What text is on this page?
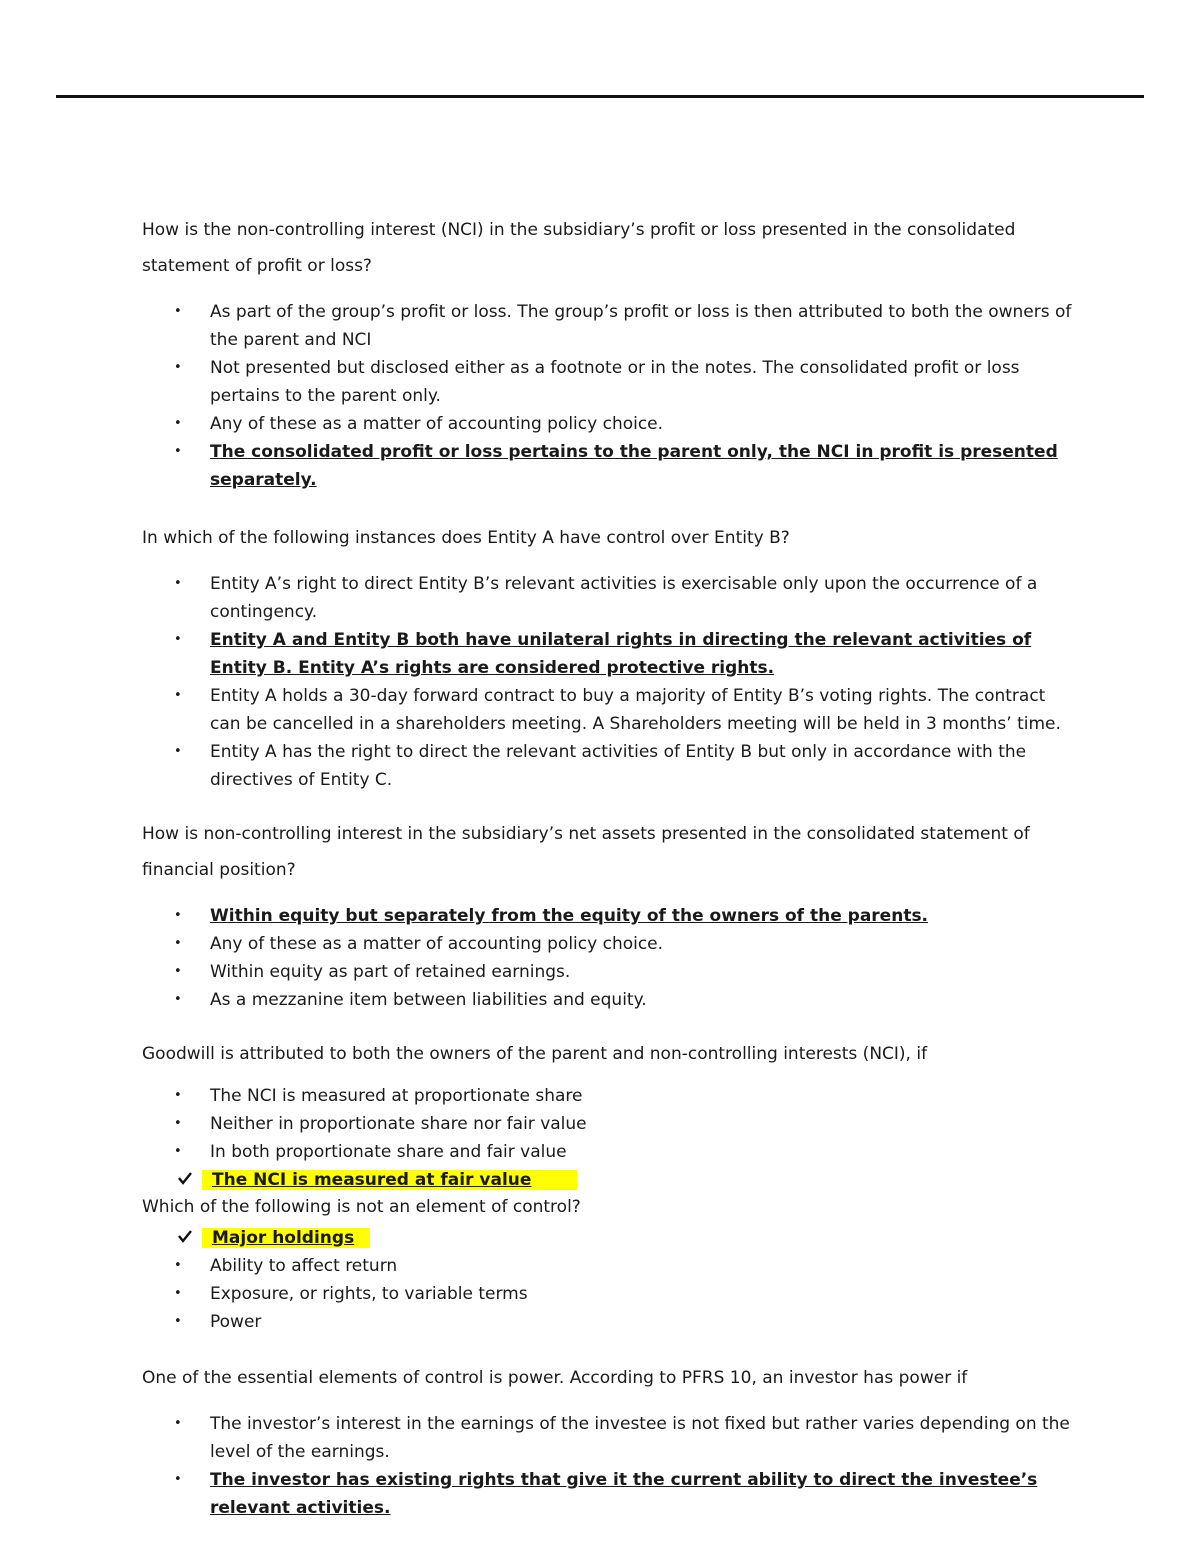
How is the non-controlling interest (NCI) in the subsidiary’s profit or loss presented in the consolidated statement of profit or loss?

• As part of the group’s profit or loss. The group’s profit or loss is then attributed to both the owners of the parent and NCI
• Not presented but disclosed either as a footnote or in the notes. The consolidated profit or loss pertains to the parent only.
• Any of these as a matter of accounting policy choice.
• The consolidated profit or loss pertains to the parent only, the NCI in profit is presented separately.

In which of the following instances does Entity A have control over Entity B?

• Entity A’s right to direct Entity B’s relevant activities is exercisable only upon the occurrence of a contingency.
• Entity A and Entity B both have unilateral rights in directing the relevant activities of Entity B. Entity A’s rights are considered protective rights.
• Entity A holds a 30-day forward contract to buy a majority of Entity B’s voting rights. The contract can be cancelled in a shareholders meeting. A Shareholders meeting will be held in 3 months’ time.
• Entity A has the right to direct the relevant activities of Entity B but only in accordance with the directives of Entity C.

How is non-controlling interest in the subsidiary’s net assets presented in the consolidated statement of financial position?

• Within equity but separately from the equity of the owners of the parents.
• Any of these as a matter of accounting policy choice.
• Within equity as part of retained earnings.
• As a mezzanine item between liabilities and equity.

Goodwill is attributed to both the owners of the parent and non-controlling interests (NCI), if

• The NCI is measured at proportionate share
• Neither in proportionate share nor fair value
• In both proportionate share and fair value
The NCI is measured at fair value

Which of the following is not an element of control?

Major holdings
• Ability to affect return
• Exposure, or rights, to variable terms
• Power

One of the essential elements of control is power. According to PFRS 10, an investor has power if

• The investor’s interest in the earnings of the investee is not fixed but rather varies depending on the level of the earnings.
• The investor has existing rights that give it the current ability to direct the investee’s relevant activities.
